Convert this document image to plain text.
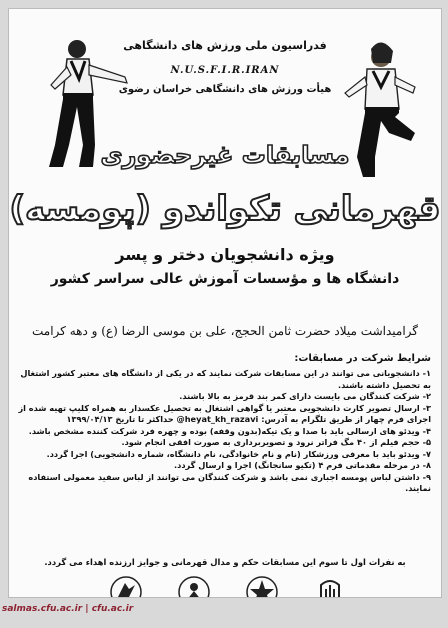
فدراسیون ملی ورزش های دانشگاهی
N.U.S.F.I.R.IRAN
هیأت ورزش های دانشگاهی خراسان رضوی
مسابقات غیرحضوری
قهرمانی تکواندو (پومسه)
ویژه دانشجویان دختر و پسر
دانشگاه ها و مؤسسات آموزش عالی سراسر کشور
گرامیداشت میلاد حضرت ثامن الحجج، علی بن موسی الرضا (ع) و دهه کرامت
شرایط شرکت در مسابقات:

۱- دانشجویانی می توانند در این مسابقات شرکت نمایند که در یکی از دانشگاه های معتبر کشور اشتغال به تحصیل داشته باشند.

۲- شرکت کنندگان می بایست دارای کمر بند قرمز به بالا باشند.

۳- ارسال تصویر کارت دانشجویی معتبر یا گواهی اشتغال به تحصیل عکسدار به همراه کلیپ تهیه شده از اجرای فرم چهار از طریق تلگرام به آدرس: heyat_kh_razavi@ حداکثر تا تاریخ ۱۳۹۹/۰۴/۱۳

۴- ویدئو های ارسالی باید با صدا و یک تیکه(بدون وقفه) بوده و چهره فرد شرکت کننده مشخص باشد.

۵- حجم فیلم از ۴۰ مگ فراتر نرود و تصویربرداری به صورت افقی انجام شود.

۷- ویدئو باید با معرفی ورزشکار (نام و نام خانوادگی، نام دانشگاه، شماره دانشجویی) اجرا گردد.

۸- در مرحله مقدماتی فرم ۴ (تکیو سانجانگ) اجرا و ارسال گردد.

۹- داشتن لباس پومسه اجباری نمی باشد و شرکت کنندگان می توانند از لباس سفید معمولی استفاده نمایند.

به نفرات اول تا سوم این مسابقات حکم و مدال قهرمانی و جوایز ارزنده اهداء می گردد.
salmas.cfu.ac.ir | cfu.ac.ir
